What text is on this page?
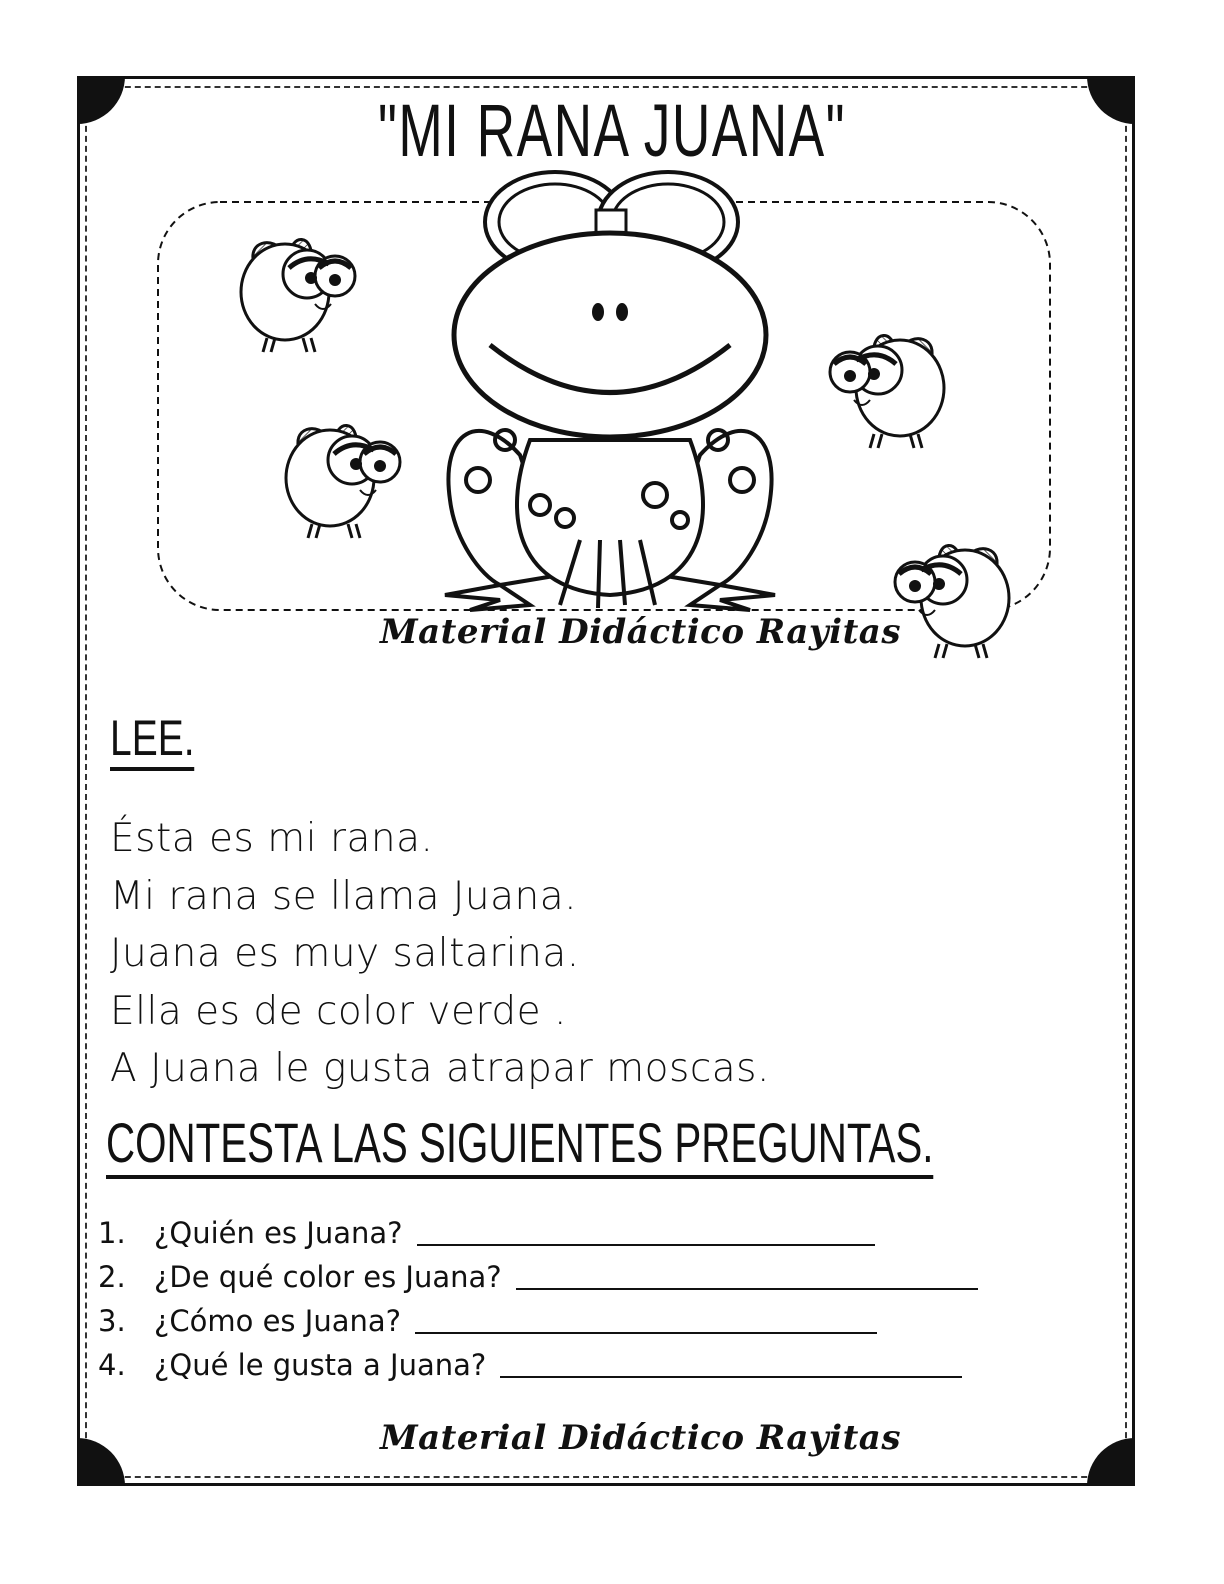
"MI RANA JUANA"
Material Didáctico Rayitas
LEE.
Ésta es mi rana.
Mi rana se llama Juana.
Juana es muy saltarina.
Ella es de color verde .
A Juana le gusta atrapar moscas.
CONTESTA LAS SIGUIENTES PREGUNTAS.
1. ¿Quién es Juana?
2. ¿De qué color es Juana?
3. ¿Cómo es Juana?
4. ¿Qué le gusta a Juana?
Material Didáctico Rayitas
